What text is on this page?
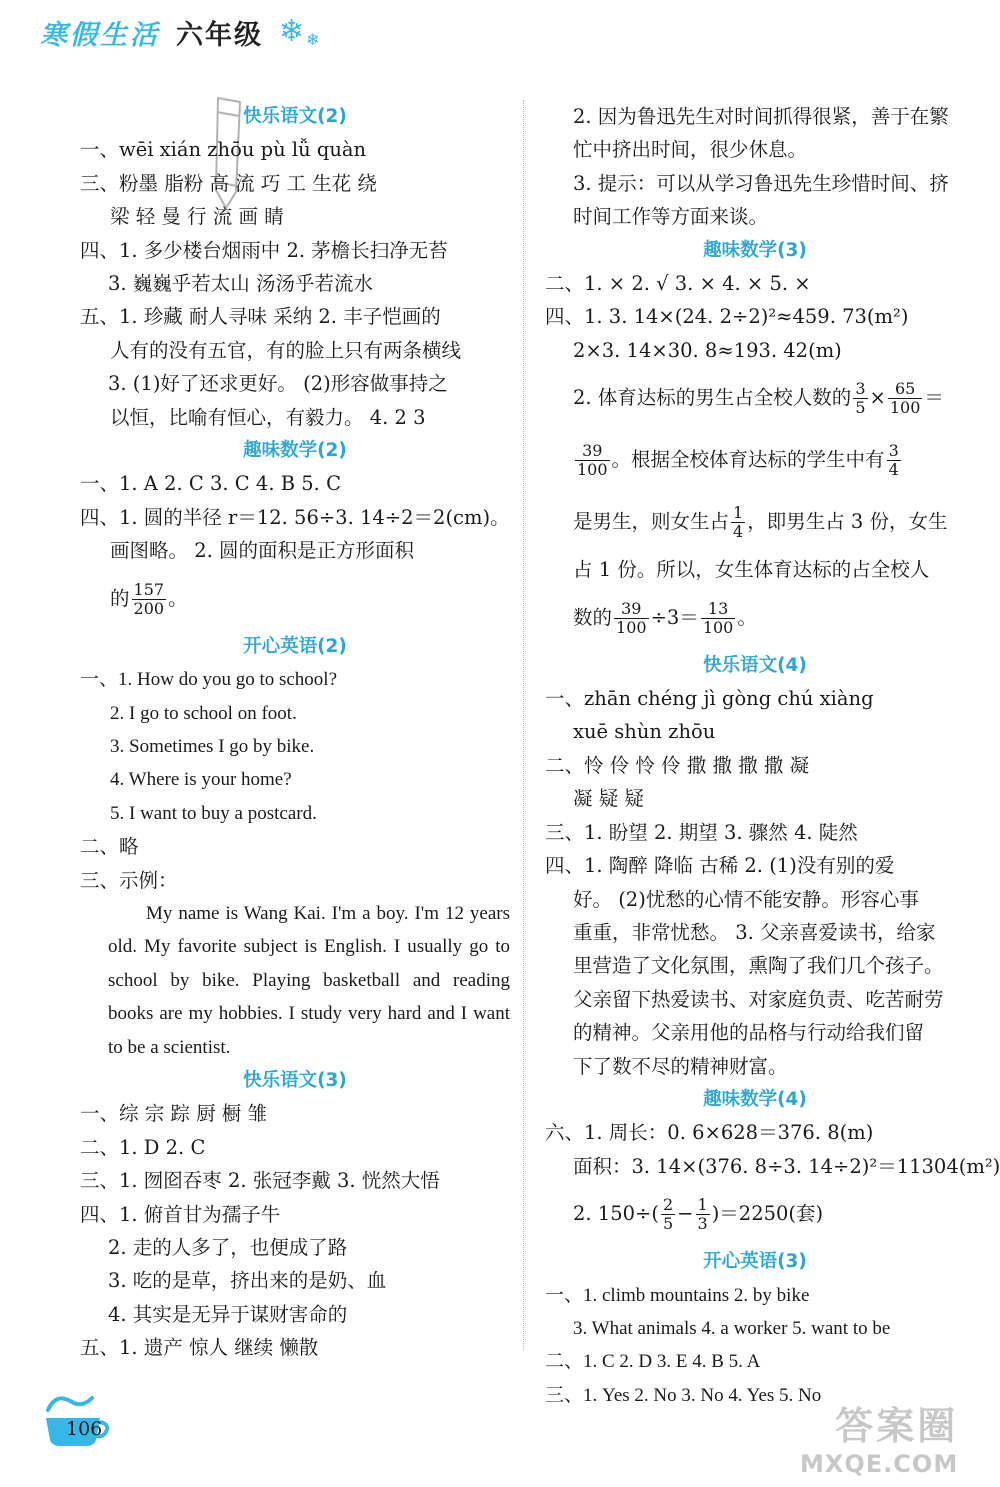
寒假生活 六年级 ❄ ❄
快乐语文(2)
一、wēi xián zhōu pù lǚ quàn
三、粉墨 脂粉 高 流 巧 工 生花 绕
梁 轻 曼 行 流 画 睛
四、1. 多少楼台烟雨中 2. 茅檐长扫净无苔
3. 巍巍乎若太山 汤汤乎若流水
五、1. 珍藏 耐人寻味 采纳 2. 丰子恺画的
人有的没有五官，有的脸上只有两条横线
3. (1)好了还求更好。 (2)形容做事持之
以恒，比喻有恒心，有毅力。 4. 2 3
趣味数学(2)
一、1. A 2. C 3. C 4. B 5. C
四、1. 圆的半径 r＝12. 56÷3. 14÷2＝2(cm)。
画图略。 2. 圆的面积是正方形面积
的 $\frac{157}{200}$ 。
开心英语(2)
一、1. How do you go to school?
2. I go to school on foot.
3. Sometimes I go by bike.
4. Where is your home?
5. I want to buy a postcard.
二、略
三、示例：
My name is Wang Kai. I'm a boy. I'm 12 years old. My favorite subject is English. I usually go to school by bike. Playing basketball and reading books are my hobbies. I study very hard and I want to be a scientist.
快乐语文(3)
一、综 宗 踪 厨 橱 雏
二、1. D 2. C
三、1. 囫囵吞枣 2. 张冠李戴 3. 恍然大悟
四、1. 俯首甘为孺子牛
2. 走的人多了，也便成了路
3. 吃的是草，挤出来的是奶、血
4. 其实是无异于谋财害命的
五、1. 遗产 惊人 继续 懒散
2. 因为鲁迅先生对时间抓得很紧，善于在繁
忙中挤出时间，很少休息。
3. 提示：可以从学习鲁迅先生珍惜时间、挤
时间工作等方面来谈。
趣味数学(3)
二、1. × 2. √ 3. × 4. × 5. ×
四、1. 3. 14×(24. 2÷2)²≈459. 73(m²)
2×3. 14×30. 8≈193. 42(m)
2. 体育达标的男生占全校人数的 $\frac{3}{5} \times \frac{65}{100}$ ＝
$\frac{39}{100}$ 。根据全校体育达标的学生中有 $\frac{3}{4}$
是男生，则女生占 $\frac{1}{4}$ ，即男生占 3 份，女生
占 1 份。所以，女生体育达标的占全校人
数的 $\frac{39}{100} \div 3= \frac{13}{100}$ 。
快乐语文(4)
一、zhān chéng jì gòng chú xiàng
xuē shùn zhōu
二、怜 伶 怜 伶 撒 撒 撒 撒 凝
凝 疑 疑
三、1. 盼望 2. 期望 3. 骤然 4. 陡然
四、1. 陶醉 降临 古稀 2. (1)没有别的爱
好。 (2)忧愁的心情不能安静。形容心事
重重，非常忧愁。 3. 父亲喜爱读书，给家
里营造了文化氛围，熏陶了我们几个孩子。
父亲留下热爱读书、对家庭负责、吃苦耐劳
的精神。父亲用他的品格与行动给我们留
下了数不尽的精神财富。
趣味数学(4)
六、1. 周长：0. 6×628＝376. 8(m)
面积：3. 14×(376. 8÷3. 14÷2)²＝11304(m²)
2. $150\div( \frac{2}{5} - \frac{1}{3} )=2250$(套)
开心英语(3)
一、1. climb mountains 2. by bike
3. What animals 4. a worker 5. want to be
二、1. C 2. D 3. E 4. B 5. A
三、1. Yes 2. No 3. No 4. Yes 5. No
106	答案圈
MXQE.COM
